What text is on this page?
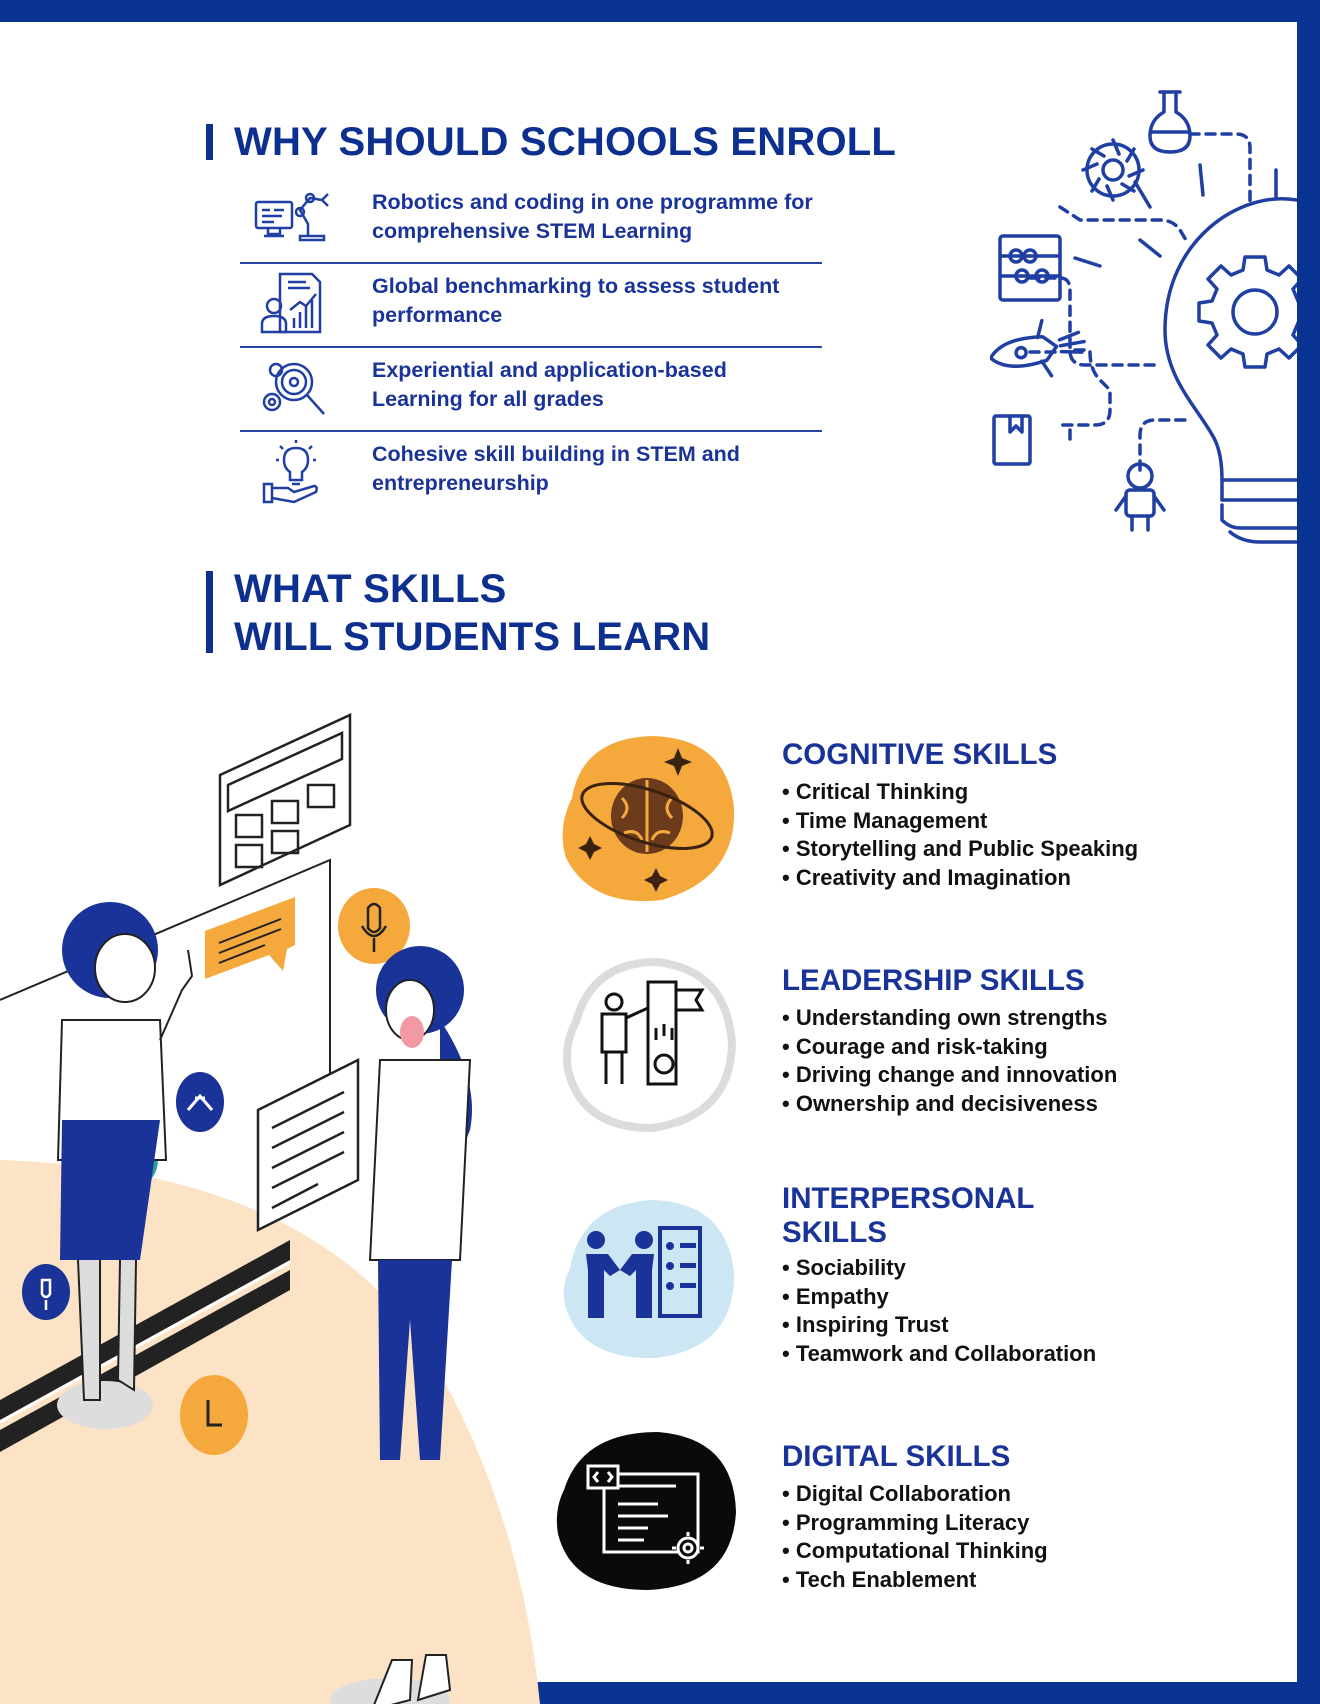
WHY SHOULD SCHOOLS ENROLL
Robotics and coding in one programme for comprehensive STEM Learning
Global benchmarking to assess student performance
Experiential and application-based Learning for all grades
Cohesive skill building in STEM and entrepreneurship
WHAT SKILLS
WILL STUDENTS LEARN
COGNITIVE SKILLS
• Critical Thinking
• Time Management
• Storytelling and Public Speaking
• Creativity and Imagination
LEADERSHIP SKILLS
• Understanding own strengths
• Courage and risk-taking
• Driving change and innovation
• Ownership and decisiveness
INTERPERSONAL
SKILLS
• Sociability
• Empathy
• Inspiring Trust
• Teamwork and Collaboration
DIGITAL SKILLS
• Digital Collaboration
• Programming Literacy
• Computational Thinking
• Tech Enablement
